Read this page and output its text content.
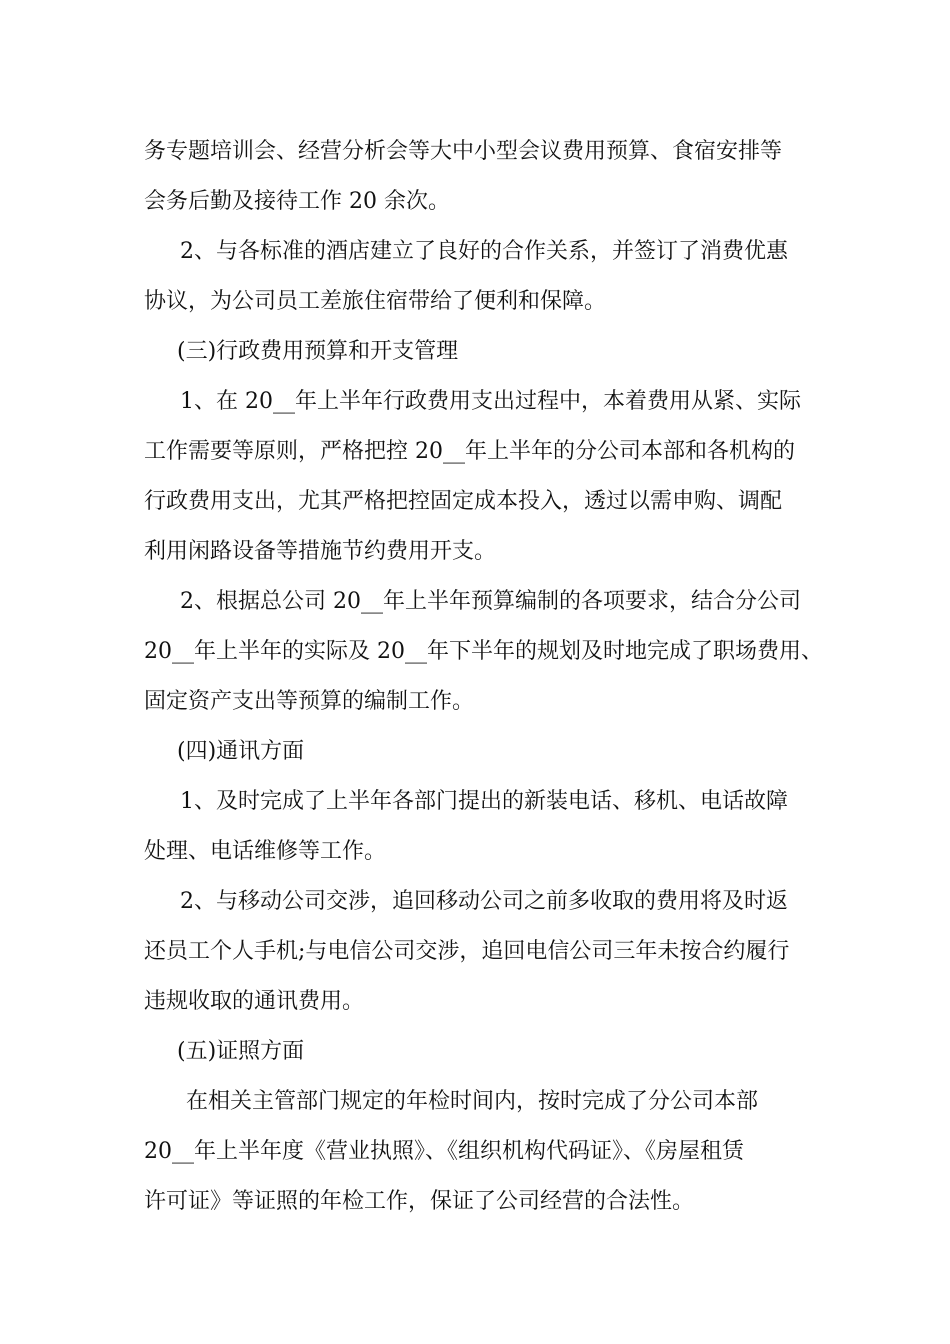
务专题培训会、经营分析会等大中小型会议费用预算、食宿安排等
会务后勤及接待工作 20 余次。
2、与各标准的酒店建立了良好的合作关系，并签订了消费优惠
协议，为公司员工差旅住宿带给了便利和保障。
(三)行政费用预算和开支管理
1、在 20__年上半年行政费用支出过程中，本着费用从紧、实际
工作需要等原则，严格把控 20__年上半年的分公司本部和各机构的
行政费用支出，尤其严格把控固定成本投入，透过以需申购、调配
利用闲路设备等措施节约费用开支。
2、根据总公司 20__年上半年预算编制的各项要求，结合分公司
20__年上半年的实际及 20__年下半年的规划及时地完成了职场费用、
固定资产支出等预算的编制工作。
(四)通讯方面
1、及时完成了上半年各部门提出的新装电话、移机、电话故障
处理、电话维修等工作。
2、与移动公司交涉，追回移动公司之前多收取的费用将及时返
还员工个人手机;与电信公司交涉，追回电信公司三年未按合约履行
违规收取的通讯费用。
(五)证照方面
在相关主管部门规定的年检时间内，按时完成了分公司本部
20__年上半年度《营业执照》、《组织机构代码证》、《房屋租赁
许可证》等证照的年检工作，保证了公司经营的合法性。
